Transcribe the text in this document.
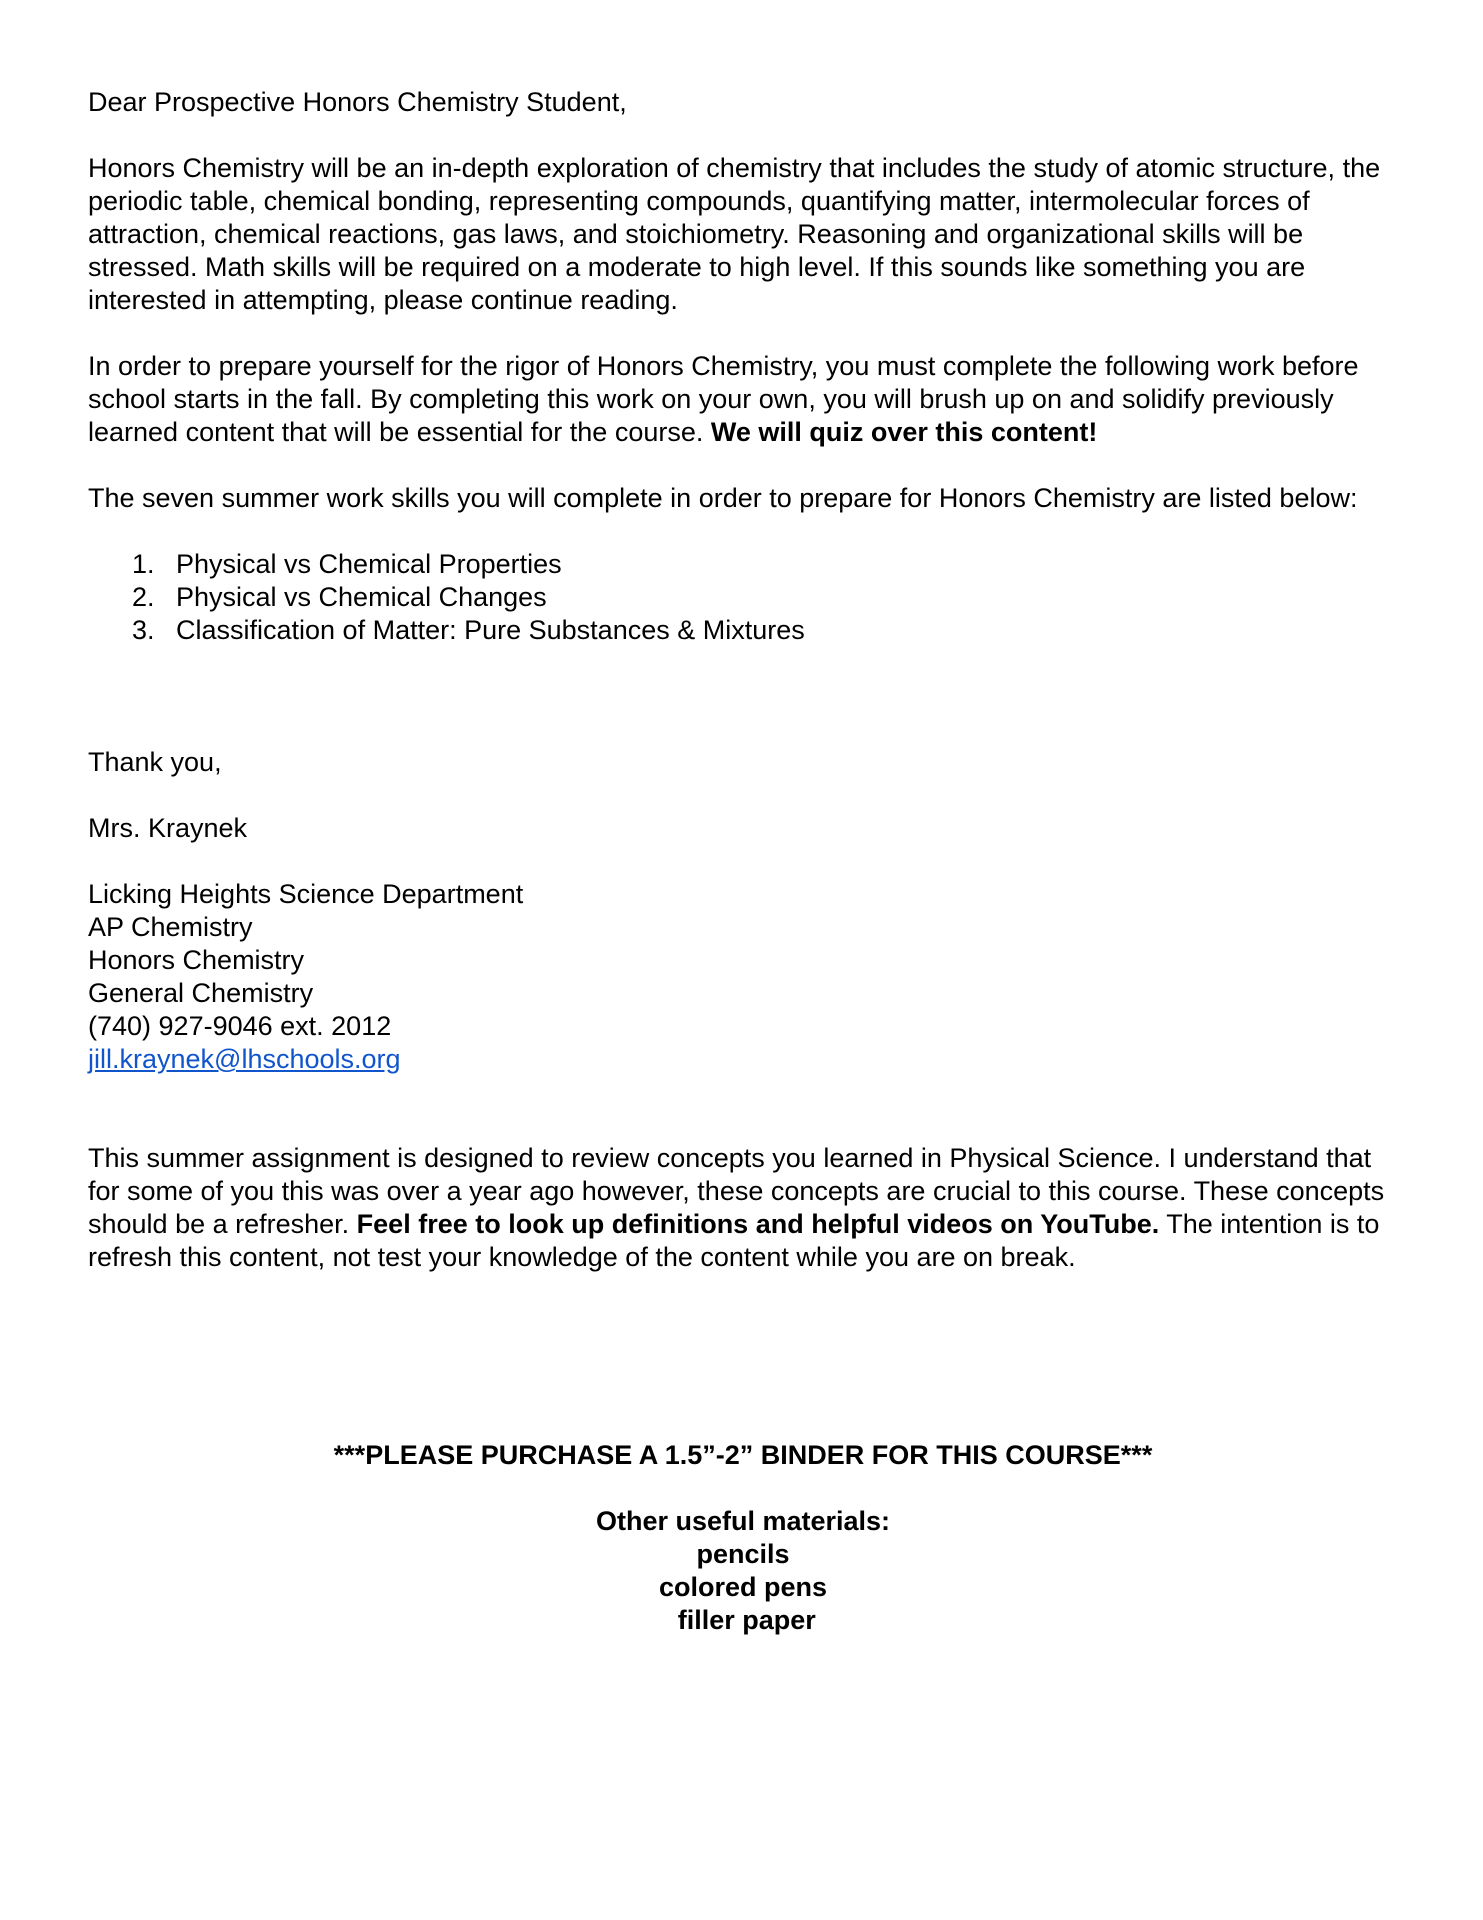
Dear Prospective Honors Chemistry Student,

Honors Chemistry will be an in-depth exploration of chemistry that includes the study of atomic structure, the periodic table, chemical bonding, representing compounds, quantifying matter, intermolecular forces of attraction, chemical reactions, gas laws, and stoichiometry. Reasoning and organizational skills will be stressed. Math skills will be required on a moderate to high level. If this sounds like something you are interested in attempting, please continue reading.

In order to prepare yourself for the rigor of Honors Chemistry, you must complete the following work before school starts in the fall. By completing this work on your own, you will brush up on and solidify previously learned content that will be essential for the course. We will quiz over this content!

The seven summer work skills you will complete in order to prepare for Honors Chemistry are listed below:

1. Physical vs Chemical Properties
2. Physical vs Chemical Changes
3. Classification of Matter: Pure Substances & Mixtures

Thank you,

Mrs. Kraynek

Licking Heights Science Department
AP Chemistry
Honors Chemistry
General Chemistry
(740) 927-9046 ext. 2012
jill.kraynek@lhschools.org

This summer assignment is designed to review concepts you learned in Physical Science. I understand that for some of you this was over a year ago however, these concepts are crucial to this course. These concepts should be a refresher. Feel free to look up definitions and helpful videos on YouTube. The intention is to refresh this content, not test your knowledge of the content while you are on break.

***PLEASE PURCHASE A 1.5”-2” BINDER FOR THIS COURSE***
Other useful materials:
pencils
colored pens
filler paper
